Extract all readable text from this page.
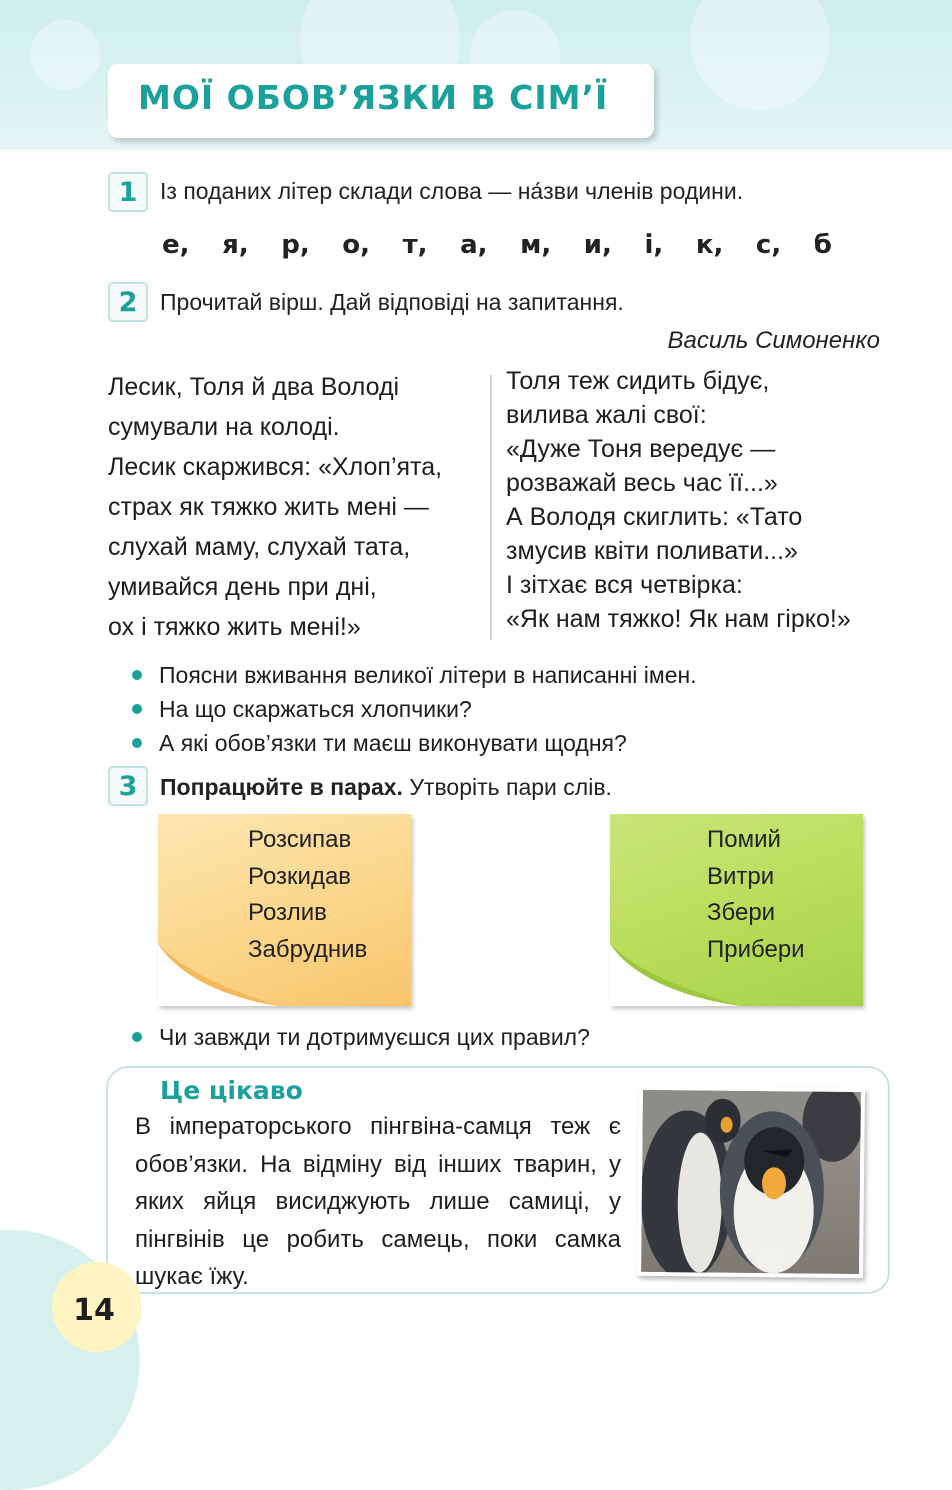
МОЇ ОБОВ’ЯЗКИ В СІМ’Ї
1 Із поданих літер склади слова — на́зви членів родини.
е, я, р, о, т, а, м, и, і, к, с, б
2 Прочитай вірш. Дай відповіді на запитання.
Василь Симоненко
Лесик, Толя й два Володі
сумували на колоді.
Лесик скаржився: «Хлоп’ята,
страх як тяжко жить мені —
слухай маму, слухай тата,
умивайся день при дні,
ох і тяжко жить мені!»
Толя теж сидить бідує,
вилива жалі свої:
«Дуже Тоня вередує —
розважай весь час її...»
А Володя скиглить: «Тато
змусив квіти поливати...»
І зітхає вся четвірка:
«Як нам тяжко! Як нам гірко!»
Поясни вживання великої літери в написанні імен.
На що скаржаться хлопчики?
А які обов’язки ти маєш виконувати щодня?
3 Попрацюйте в парах. Утворіть пари слів.
Розсипав
Розкидав
Розлив
Забруднив
Помий
Витри
Збери
Прибери
Чи завжди ти дотримуєшся цих правил?
Це цікаво
В імператорського пінгвіна-самця теж є обов’язки. На відміну від інших тварин, у яких яйця висиджують лише самиці, у пінгвінів це робить самець, поки самка шукає їжу.
14
